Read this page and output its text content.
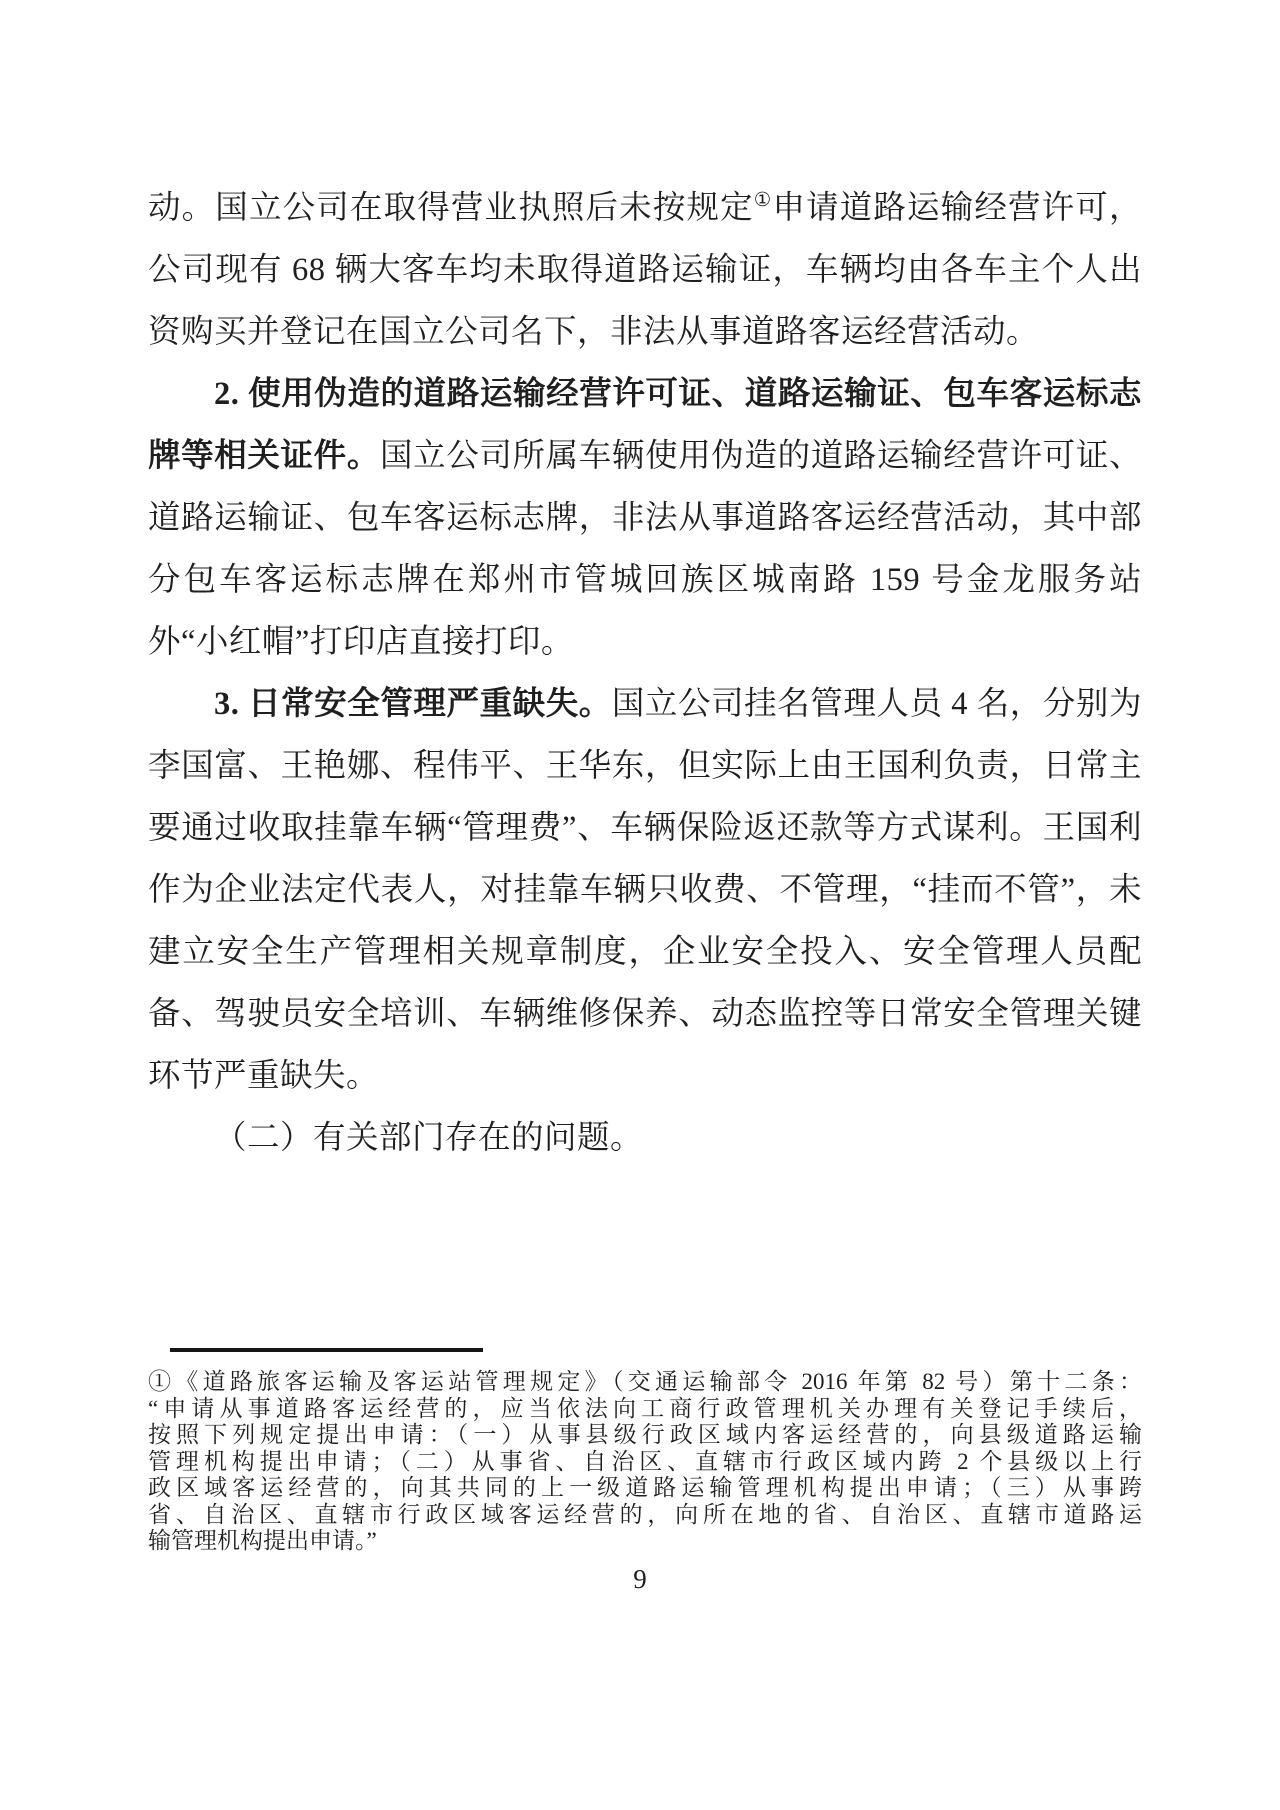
动。国立公司在取得营业执照后未按规定①申请道路运输经营许可，公司现有 68 辆大客车均未取得道路运输证，车辆均由各车主个人出资购买并登记在国立公司名下，非法从事道路客运经营活动。

2. 使用伪造的道路运输经营许可证、道路运输证、包车客运标志牌等相关证件。国立公司所属车辆使用伪造的道路运输经营许可证、道路运输证、包车客运标志牌，非法从事道路客运经营活动，其中部分包车客运标志牌在郑州市管城回族区城南路 159 号金龙服务站外“小红帽”打印店直接打印。

3. 日常安全管理严重缺失。国立公司挂名管理人员 4 名，分别为李国富、王艳娜、程伟平、王华东，但实际上由王国利负责，日常主要通过收取挂靠车辆“管理费”、车辆保险返还款等方式谋利。王国利作为企业法定代表人，对挂靠车辆只收费、不管理，“挂而不管”，未建立安全生产管理相关规章制度，企业安全投入、安全管理人员配备、驾驶员安全培训、车辆维修保养、动态监控等日常安全管理关键环节严重缺失。

（二）有关部门存在的问题。

①《道路旅客运输及客运站管理规定》（交通运输部令 2016 年第 82 号）第十二条：
“申请从事道路客运经营的，应当依法向工商行政管理机关办理有关登记手续后，
按照下列规定提出申请：（一）从事县级行政区域内客运经营的，向县级道路运输
管理机构提出申请；（二）从事省、自治区、直辖市行政区域内跨 2 个县级以上行
政区域客运经营的，向其共同的上一级道路运输管理机构提出申请；（三）从事跨
省、自治区、直辖市行政区域客运经营的，向所在地的省、自治区、直辖市道路运
输管理机构提出申请。”
9
